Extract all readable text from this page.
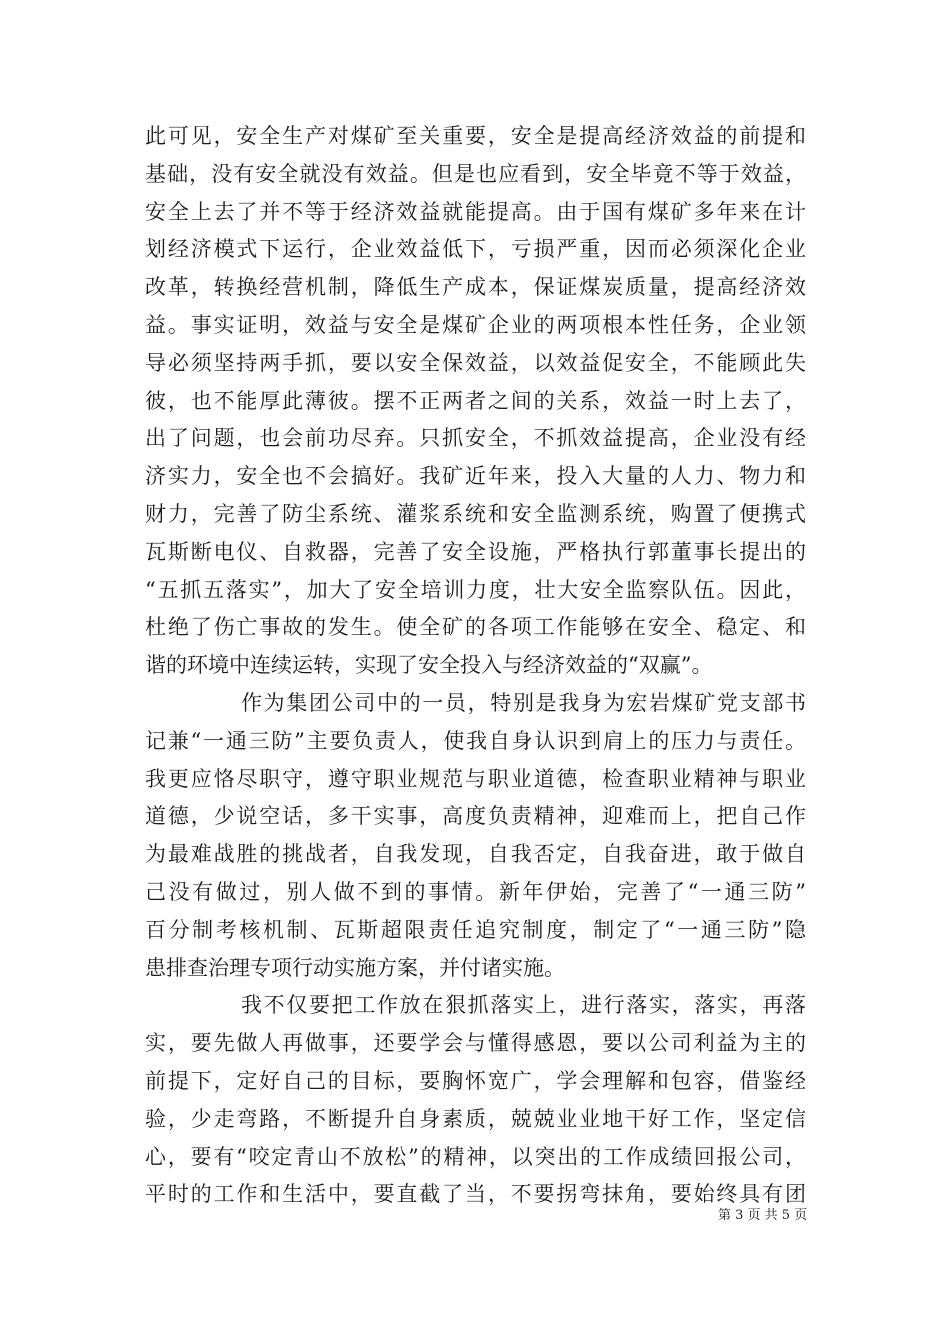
此可见，安全生产对煤矿至关重要，安全是提高经济效益的前提和
基础，没有安全就没有效益。但是也应看到，安全毕竟不等于效益，
安全上去了并不等于经济效益就能提高。由于国有煤矿多年来在计
划经济模式下运行，企业效益低下，亏损严重，因而必须深化企业
改革，转换经营机制，降低生产成本，保证煤炭质量，提高经济效
益。事实证明，效益与安全是煤矿企业的两项根本性任务，企业领
导必须坚持两手抓，要以安全保效益，以效益促安全，不能顾此失
彼，也不能厚此薄彼。摆不正两者之间的关系，效益一时上去了，
出了问题，也会前功尽弃。只抓安全，不抓效益提高，企业没有经
济实力，安全也不会搞好。我矿近年来，投入大量的人力、物力和
财力，完善了防尘系统、灌浆系统和安全监测系统，购置了便携式
瓦斯断电仪、自救器，完善了安全设施，严格执行郭董事长提出的
“五抓五落实”，加大了安全培训力度，壮大安全监察队伍。因此，
杜绝了伤亡事故的发生。使全矿的各项工作能够在安全、稳定、和
谐的环境中连续运转，实现了安全投入与经济效益的“双赢”。
作为集团公司中的一员，特别是我身为宏岩煤矿党支部书
记兼“一通三防”主要负责人，使我自身认识到肩上的压力与责任。
我更应恪尽职守，遵守职业规范与职业道德，检查职业精神与职业
道德，少说空话，多干实事，高度负责精神，迎难而上，把自己作
为最难战胜的挑战者，自我发现，自我否定，自我奋进，敢于做自
己没有做过，别人做不到的事情。新年伊始，完善了“一通三防”
百分制考核机制、瓦斯超限责任追究制度，制定了“一通三防”隐
患排查治理专项行动实施方案，并付诸实施。
我不仅要把工作放在狠抓落实上，进行落实，落实，再落
实，要先做人再做事，还要学会与懂得感恩，要以公司利益为主的
前提下，定好自己的目标，要胸怀宽广，学会理解和包容，借鉴经
验，少走弯路，不断提升自身素质，兢兢业业地干好工作，坚定信
心，要有“咬定青山不放松”的精神，以突出的工作成绩回报公司，
平时的工作和生活中，要直截了当，不要拐弯抹角，要始终具有团
第 3 页 共 5 页
